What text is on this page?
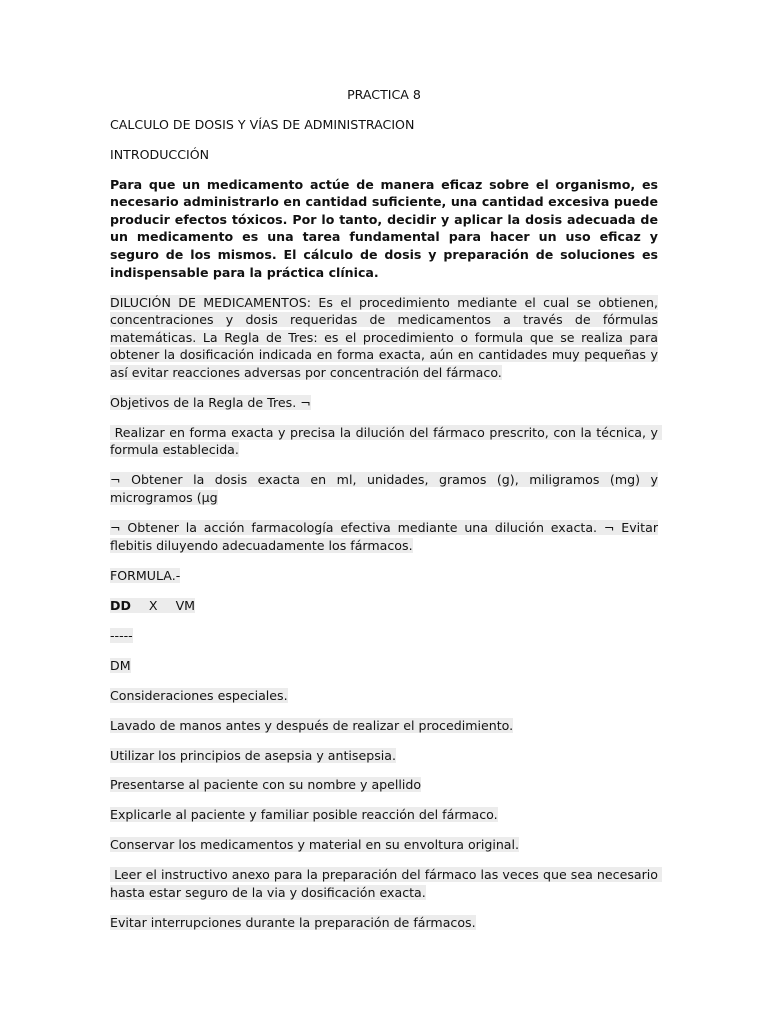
PRACTICA 8
CALCULO DE DOSIS Y VÍAS DE ADMINISTRACION
INTRODUCCIÓN
Para que un medicamento actúe de manera eficaz sobre el organismo, es necesario administrarlo en cantidad suficiente, una cantidad excesiva puede producir efectos tóxicos. Por lo tanto, decidir y aplicar la dosis adecuada de un medicamento es una tarea fundamental para hacer un uso eficaz y seguro de los mismos. El cálculo de dosis y preparación de soluciones es indispensable para la práctica clínica.
DILUCIÓN DE MEDICAMENTOS: Es el procedimiento mediante el cual se obtienen, concentraciones y dosis requeridas de medicamentos a través de fórmulas matemáticas. La Regla de Tres: es el procedimiento o formula que se realiza para obtener la dosificación indicada en forma exacta, aún en cantidades muy pequeñas y así evitar reacciones adversas por concentración del fármaco.
Objetivos de la Regla de Tres. ¬
Realizar en forma exacta y precisa la dilución del fármaco prescrito, con la técnica, y formula establecida.
¬ Obtener la dosis exacta en ml, unidades, gramos (g), miligramos (mg) y microgramos (µg
¬ Obtener la acción farmacología efectiva mediante una dilución exacta. ¬ Evitar flebitis diluyendo adecuadamente los fármacos.
FORMULA.-
DD X VM
-----
DM
Consideraciones especiales.
Lavado de manos antes y después de realizar el procedimiento.
Utilizar los principios de asepsia y antisepsia.
Presentarse al paciente con su nombre y apellido
Explicarle al paciente y familiar posible reacción del fármaco.
Conservar los medicamentos y material en su envoltura original.
Leer el instructivo anexo para la preparación del fármaco las veces que sea necesario hasta estar seguro de la via y dosificación exacta.
Evitar interrupciones durante la preparación de fármacos.
